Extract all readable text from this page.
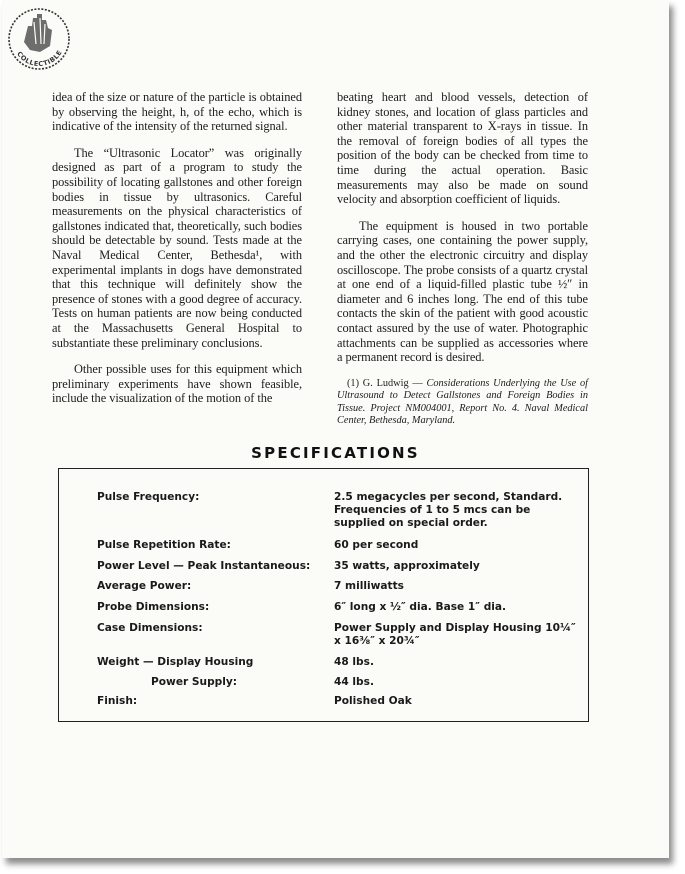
COLLECTIBLE

idea of the size or nature of the particle is obtained by observing the height, h, of the echo, which is indicative of the intensity of the returned signal.

The “Ultrasonic Locator” was originally designed as part of a program to study the possibility of locating gallstones and other foreign bodies in tissue by ultrasonics. Careful measurements on the physical characteristics of gallstones indicated that, theoretically, such bodies should be detectable by sound. Tests made at the Naval Medical Center, Bethesda¹, with experimental implants in dogs have demonstrated that this technique will definitely show the presence of stones with a good degree of accuracy. Tests on human patients are now being conducted at the Massachusetts General Hospital to substantiate these preliminary conclusions.

Other possible uses for this equipment which preliminary experiments have shown feasible, include the visualization of the motion of the

beating heart and blood vessels, detection of kidney stones, and location of glass particles and other material transparent to X-rays in tissue. In the removal of foreign bodies of all types the position of the body can be checked from time to time during the actual operation. Basic measurements may also be made on sound velocity and absorption coefficient of liquids.

The equipment is housed in two portable carrying cases, one containing the power supply, and the other the electronic circuitry and display oscilloscope. The probe consists of a quartz crystal at one end of a liquid-filled plastic tube ½″ in diameter and 6 inches long. The end of this tube contacts the skin of the patient with good acoustic contact assured by the use of water. Photographic attachments can be supplied as accessories where a permanent record is desired.

(1) G. Ludwig — Considerations Underlying the Use of Ultrasound to Detect Gallstones and Foreign Bodies in Tissue. Project NM004001, Report No. 4. Naval Medical Center, Bethesda, Maryland.
SPECIFICATIONS
Pulse Frequency:	2.5 megacycles per second, Standard. Frequencies of 1 to 5 mcs can be supplied on special order.
Pulse Repetition Rate:	60 per second
Power Level — Peak Instantaneous:	35 watts, approximately
Average Power:	7 milliwatts
Probe Dimensions:	6″ long x ½″ dia. Base 1″ dia.
Case Dimensions:	Power Supply and Display Housing 10¼″ x 16⅜″ x 20¾″
Weight — Display Housing	48 lbs.
Power Supply:	44 lbs.
Finish:	Polished Oak
